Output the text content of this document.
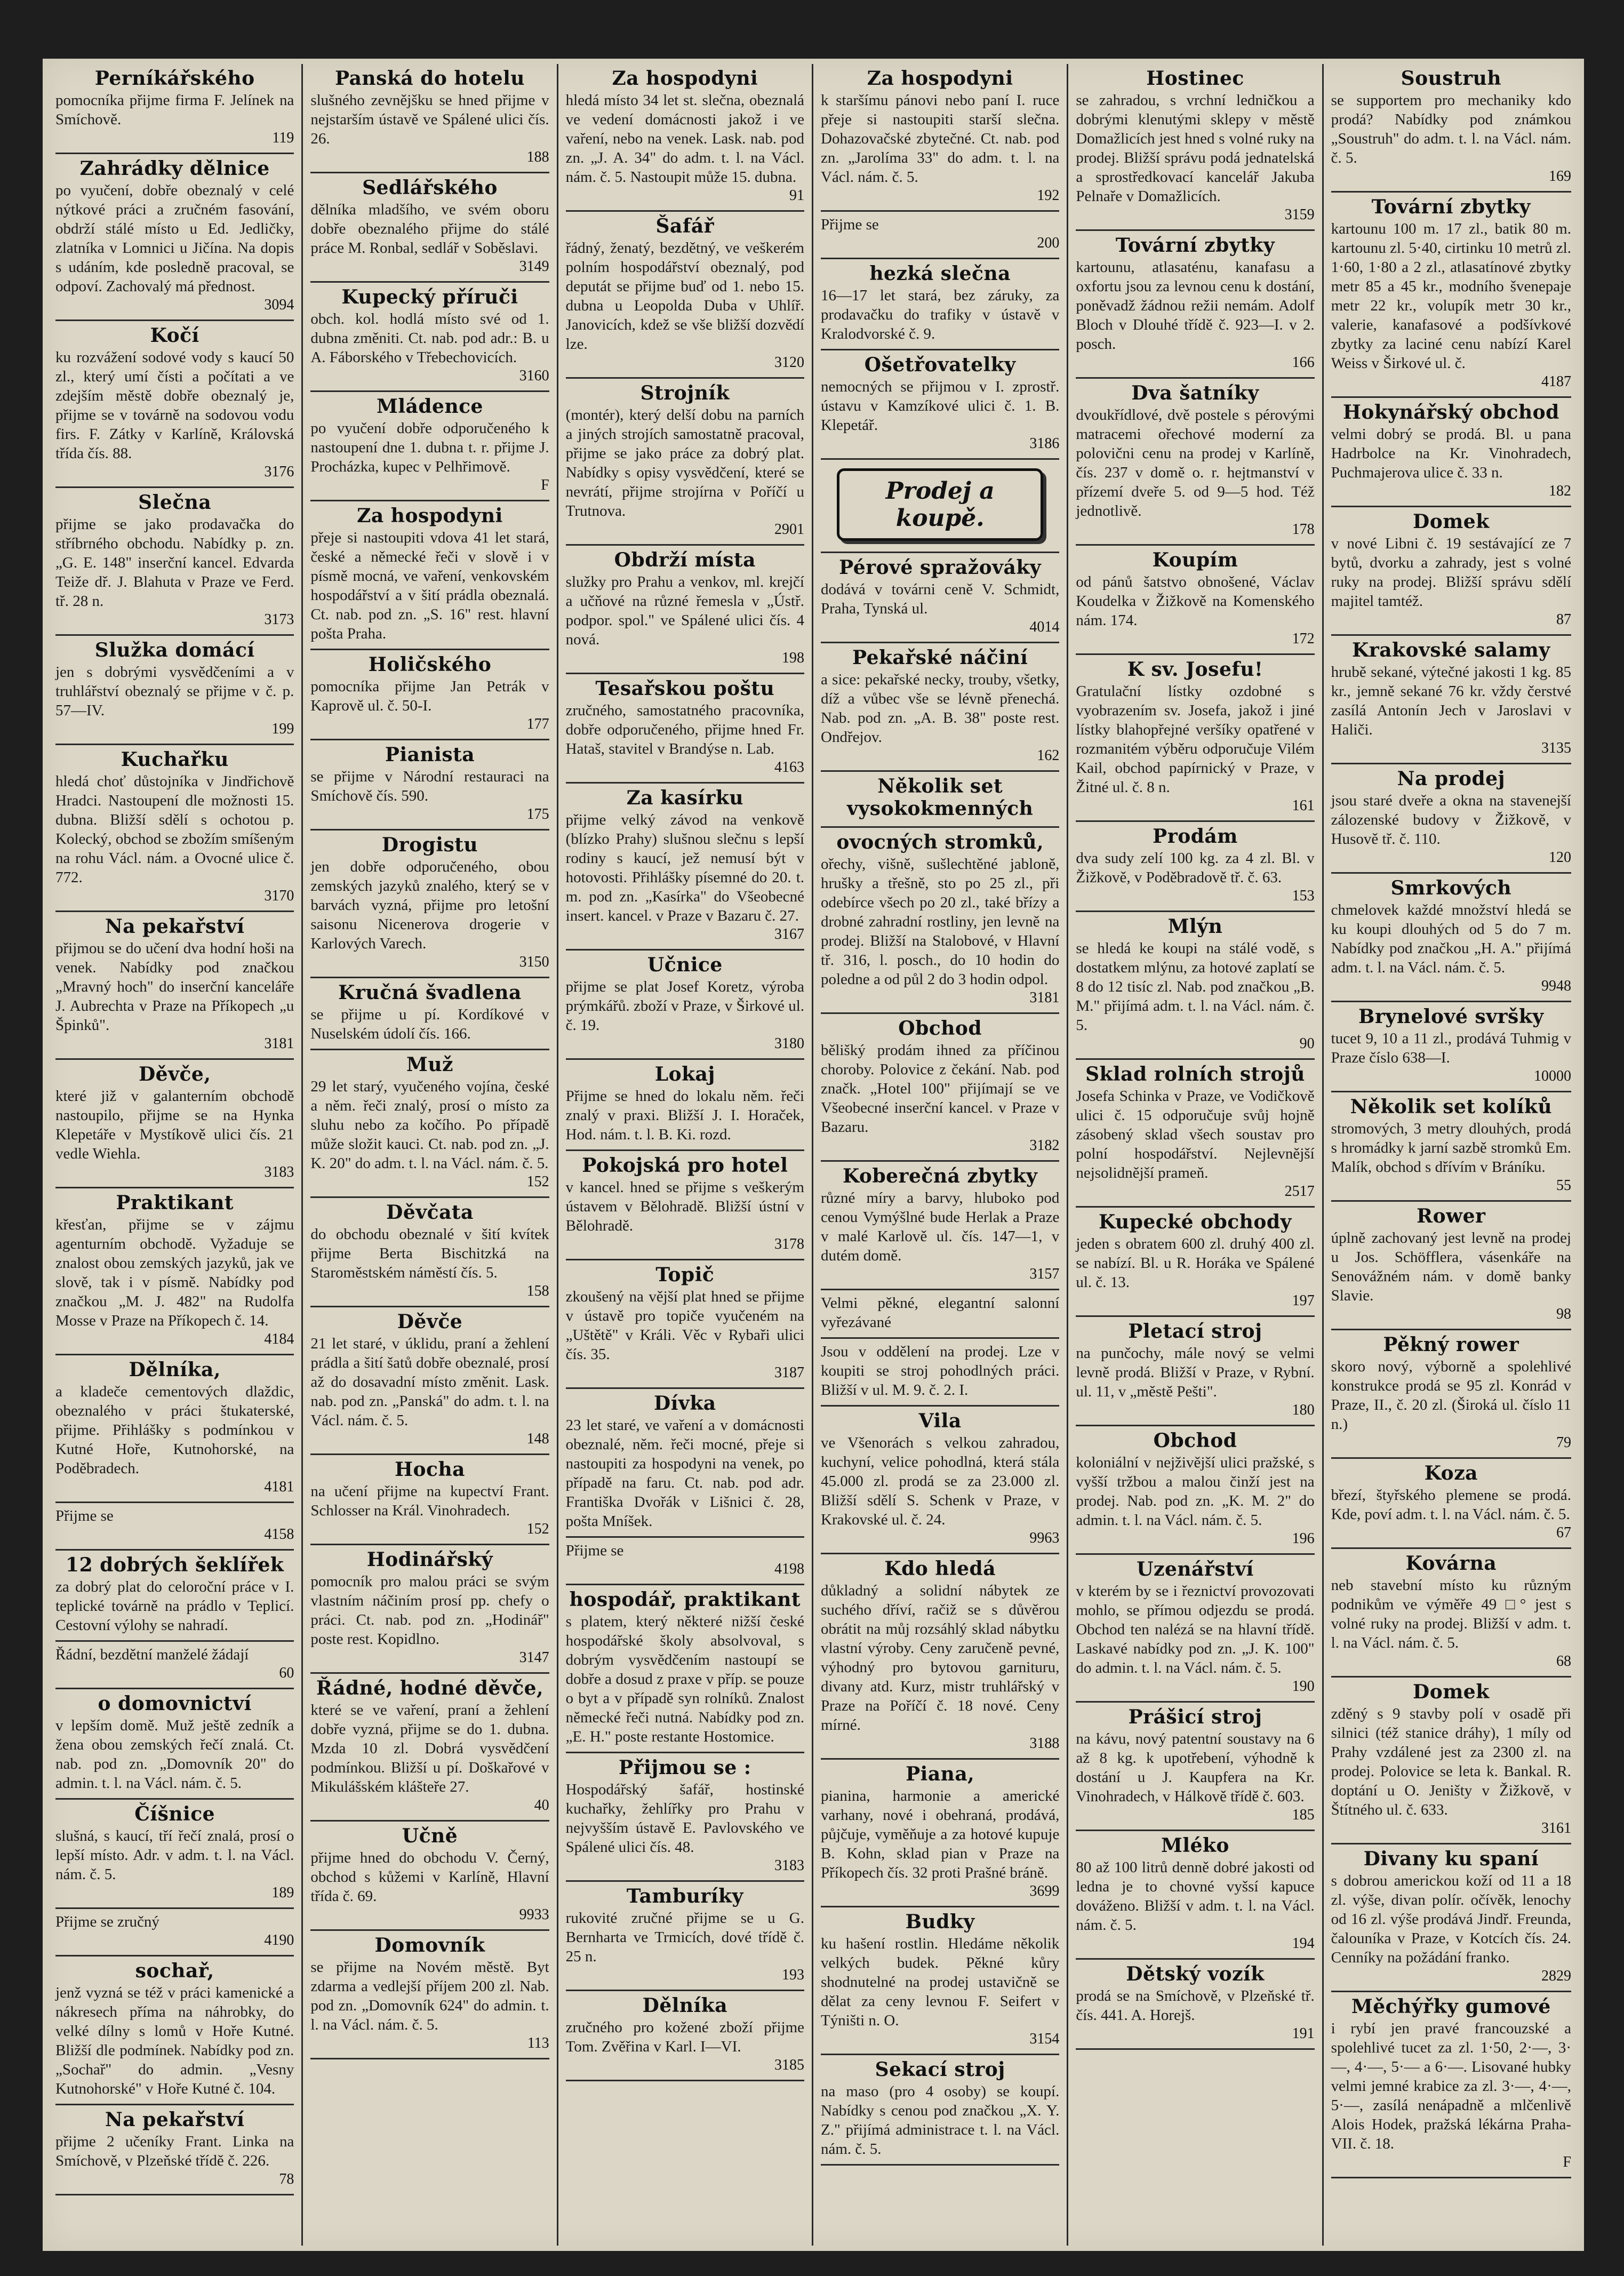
Perníkářského

pomocníka přijme firma F. Jelínek na Smíchově.

119
Zahrádky dělnice

po vyučení, dobře obeznalý v celé nýtkové práci a zručném fasování, obdrží stálé místo u Ed. Jedličky, zlatníka v Lomnici u Jičína. Na dopis s udáním, kde posledně pracoval, se odpoví. Zachovalý má přednost.

3094
Kočí

ku rozvážení sodové vody s kaucí 50 zl., který umí čísti a počítati a ve zdejším městě dobře obeznalý je, přijme se v továrně na sodovou vodu firs. F. Zátky v Karlíně, Královská třída čís. 88.

3176
Slečna

přijme se jako prodavačka do stříbrného obchodu. Nabídky p. zn. „G. E. 148" inserční kancel. Edvarda Teiže dř. J. Blahuta v Praze ve Ferd. tř. 28 n.

3173
Služka domácí

jen s dobrými vysvědčeními a v truhlářství obeznalý se přijme v č. p. 57—IV.

199
Kuchařku

hledá choť důstojníka v Jindřichově Hradci. Nastoupení dle možnosti 15. dubna. Bližší sdělí s ochotou p. Kolecký, obchod se zbožím smíšeným na rohu Václ. nám. a Ovocné ulice č. 772.

3170
Na pekařství

přijmou se do učení dva hodní hoši na venek. Nabídky pod značkou „Mravný hoch" do inserční kanceláře J. Aubrechta v Praze na Příkopech „u Špinků".

3181
Děvče,

které již v galanterním obchodě nastoupilo, přijme se na Hynka Klepetáře v Mystíkově ulici čís. 21 vedle Wiehla.

3183
Praktikant

křesťan, přijme se v zájmu agenturním obchodě. Vyžaduje se znalost obou zemských jazyků, jak ve slově, tak i v písmě. Nabídky pod značkou „M. J. 482" na Rudolfa Mosse v Praze na Příkopech č. 14.

4184
Dělníka,

a kladeče cementových dlaždic, obeznalého v práci štukaterské, přijme. Přihlášky s podmínkou v Kutné Hoře, Kutnohorské, na Poděbradech.

4181

Přijme se

4158
12 dobrých šeklířek

za dobrý plat do celoroční práce v I. teplické továrně na prádlo v Teplicí. Cestovní výlohy se nahradí.

Řádní, bezdětní manželé žádají

60
o domovnictví

v lepším domě. Muž ještě zedník a žena obou zemských řečí znalá. Ct. nab. pod zn. „Domovník 20" do admin. t. l. na Václ. nám. č. 5.

Číšnice

slušná, s kaucí, tří řečí znalá, prosí o lepší místo. Adr. v adm. t. l. na Václ. nám. č. 5.

189

Přijme se zručný

4190
sochař,

jenž vyzná se též v práci kamenické a nákresech příma na náhrobky, do velké dílny s lomů v Hoře Kutné. Bližší dle podmínek. Nabídky pod zn. „Sochař" do admin. „Vesny Kutnohorské" v Hoře Kutné č. 104.

Na pekařství

přijme 2 učeníky Frant. Linka na Smíchově, v Plzeňské třídě č. 226.

78
Panská do hotelu

slušného zevnějšku se hned přijme v nejstarším ústavě ve Spálené ulici čís. 26.

188
Sedlářského

dělníka mladšího, ve svém oboru dobře obeznalého přijme do stálé práce M. Ronbal, sedlář v Soběslavi.

3149
Kupecký příruči

obch. kol. hodlá místo své od 1. dubna změniti. Ct. nab. pod adr.: B. u A. Fáborského v Třebechovicích.

3160
Mládence

po vyučení dobře odporučeného k nastoupení dne 1. dubna t. r. přijme J. Procházka, kupec v Pelhřimově.

F
Za hospodyni

přeje si nastoupiti vdova 41 let stará, české a německé řeči v slově i v písmě mocná, ve vaření, venkovském hospodářství a v šití prádla obeznalá. Ct. nab. pod zn. „S. 16" rest. hlavní pošta Praha.

Holičského

pomocníka přijme Jan Petrák v Kaprově ul. č. 50-I.

177
Pianista

se přijme v Národní restauraci na Smíchově čís. 590.

175
Drogistu

jen dobře odporučeného, obou zemských jazyků znalého, který se v barvách vyzná, přijme pro letošní saisonu Nicenerova drogerie v Karlových Varech.

3150
Kručná švadlena

se přijme u pí. Kordíkové v Nuselském údolí čís. 166.

Muž

29 let starý, vyučeného vojína, české a něm. řeči znalý, prosí o místo za sluhu nebo za kočího. Po případě může složit kauci. Ct. nab. pod zn. „J. K. 20" do adm. t. l. na Václ. nám. č. 5.

152
Děvčata

do obchodu obeznalé v šití kvítek přijme Berta Bischitzká na Staroměstském náměstí čís. 5.

158
Děvče

21 let staré, v úklidu, praní a žehlení prádla a šití šatů dobře obeznalé, prosí až do dosavadní místo změnit. Lask. nab. pod zn. „Panská" do adm. t. l. na Václ. nám. č. 5.

148
Hocha

na učení přijme na kupectví Frant. Schlosser na Král. Vinohradech.

152
Hodinářský

pomocník pro malou práci se svým vlastním náčiním prosí pp. chefy o práci. Ct. nab. pod zn. „Hodinář" poste rest. Kopidlno.

3147
Řádné, hodné děvče,

které se ve vaření, praní a žehlení dobře vyzná, přijme se do 1. dubna. Mzda 10 zl. Dobrá vysvědčení podmínkou. Bližší u pí. Doškařové v Mikulášském klášteře 27.

40
Učně

přijme hned do obchodu V. Černý, obchod s kůžemi v Karlíně, Hlavní třída č. 69.

9933
Domovník

se přijme na Novém městě. Byt zdarma a vedlejší příjem 200 zl. Nab. pod zn. „Domovník 624" do admin. t. l. na Václ. nám. č. 5.

113
Za hospodyni

hledá místo 34 let st. slečna, obeznalá ve vedení domácnosti jakož i ve vaření, nebo na venek. Lask. nab. pod zn. „J. A. 34" do adm. t. l. na Václ. nám. č. 5. Nastoupit může 15. dubna.

91
Šafář

řádný, ženatý, bezdětný, ve veškerém polním hospodářství obeznalý, pod deputát se přijme buď od 1. nebo 15. dubna u Leopolda Duba v Uhlíř. Janovicích, kdež se vše bližší dozvědí lze.

3120
Strojník

(montér), který delší dobu na parních a jiných strojích samostatně pracoval, přijme se jako práce za dobrý plat. Nabídky s opisy vysvědčení, které se nevrátí, přijme strojírna v Poříčí u Trutnova.

2901
Obdrží místa

služky pro Prahu a venkov, ml. krejčí a učňové na různé řemesla v „Ústř. podpor. spol." ve Spálené ulici čís. 4 nová.

198
Tesařskou poštu

zručného, samostatného pracovníka, dobře odporučeného, přijme hned Fr. Hataš, stavitel v Brandýse n. Lab.

4163
Za kasírku

přijme velký závod na venkově (blízko Prahy) slušnou slečnu s lepší rodiny s kaucí, jež nemusí být v hotovosti. Přihlášky písemné do 20. t. m. pod zn. „Kasírka" do Všeobecné insert. kancel. v Praze v Bazaru č. 27.

3167
Učnice

přijme se plat Josef Koretz, výroba prýmkářů. zboží v Praze, v Širkové ul. č. 19.

3180
Lokaj

Přijme se hned do lokalu něm. řeči znalý v praxi. Bližší J. I. Horaček, Hod. nám. t. l. B. Ki. rozd.

Pokojská pro hotel

v kancel. hned se přijme s veškerým ústavem v Bělohradě. Bližší ústní v Bělohradě.

3178
Topič

zkoušený na vější plat hned se přijme v ústavě pro topiče vyučeném na „Uštětě" v Králi. Věc v Rybaři ulici čís. 35.

3187
Dívka

23 let staré, ve vaření a v domácnosti obeznalé, něm. řeči mocné, přeje si nastoupiti za hospodyni na venek, po případě na faru. Ct. nab. pod adr. Františka Dvořák v Lišnici č. 28, pošta Mníšek.

Přijme se

4198
hospodář, praktikant

s platem, který některé nižší české hospodářské školy absolvoval, s dobrým vysvědčením nastoupí se dobře a dosud z praxe v příp. se pouze o byt a v případě syn rolníků. Znalost německé řeči nutná. Nabídky pod zn. „E. H." poste restante Hostomice.

Přijmou se :

Hospodářský šafář, hostinské kuchařky, žehlířky pro Prahu v nejvyšším ústavě E. Pavlovského ve Spálené ulici čís. 48.

3183
Tamburíky

rukovité zručné přijme se u G. Bernharta ve Trmicích, dové třídě č. 25 n.

193
Dělníka

zručného pro kožené zboží přijme Tom. Zvěřina v Karl. I—VI.

3185
Za hospodyni

k staršímu pánovi nebo paní I. ruce přeje si nastoupiti starší slečna. Dohazovačské zbytečné. Ct. nab. pod zn. „Jarolíma 33" do adm. t. l. na Václ. nám. č. 5.

192

Přijme se

200
hezká slečna

16—17 let stará, bez záruky, za prodavačku do trafiky v ústavě v Kralodvorské č. 9.

Ošetřovatelky

nemocných se přijmou v I. zprostř. ústavu v Kamzíkové ulici č. 1. B. Klepetář.

3186
Prodej a koupě.
Pérové spražováky

dodává v továrni ceně V. Schmidt, Praha, Tynská ul.

4014
Pekařské náčiní

a sice: pekařské necky, trouby, všetky, díž a vůbec vše se lévně přenechá. Nab. pod zn. „A. B. 38" poste rest. Ondřejov.

162
Několik set vysokokmenných
ovocných stromků,

ořechy, višně, sušlechtěné jabloně, hrušky a třešně, sto po 25 zl., při odebírce všech po 20 zl., také břízy a drobné zahradní rostliny, jen levně na prodej. Bližší na Stalobové, v Hlavní tř. 316, l. posch., do 10 hodin do poledne a od půl 2 do 3 hodin odpol.

3181
Obchod

bělišký prodám ihned za příčinou choroby. Polovice z čekání. Nab. pod značk. „Hotel 100" přijímají se ve Všeobecné inserční kancel. v Praze v Bazaru.

3182
Koberečná zbytky

různé míry a barvy, hluboko pod cenou Vymýšlné bude Herlak a Praze v malé Karlově ul. čís. 147—1, v dutém domě.

3157

Velmi pěkné, elegantní salonní vyřezávané

Jsou v oddělení na prodej. Lze v koupiti se stroj pohodlných práci. Bližší v ul. M. 9. č. 2. I.

Vila

ve Všenorách s velkou zahradou, kuchyní, velice pohodlná, která stála 45.000 zl. prodá se za 23.000 zl. Bližší sdělí S. Schenk v Praze, v Krakovské ul. č. 24.

9963
Kdo hledá

důkladný a solidní nábytek ze suchého dříví, račiž se s důvěrou obrátit na můj rozsáhlý sklad nábytku vlastní výroby. Ceny zaručeně pevné, výhodný pro bytovou garnituru, divany atd. Kurz, mistr truhlářský v Praze na Poříčí č. 18 nové. Ceny mírné.

3188
Piana,

pianina, harmonie a americké varhany, nové i obehraná, prodává, půjčuje, vyměňuje a za hotové kupuje B. Kohn, sklad pian v Praze na Příkopech čís. 32 proti Prašné bráně.

3699
Budky

ku hašení rostlin. Hledáme několik velkých budek. Pěkné kůry shodnutelné na prodej ustavičně se dělat za ceny levnou F. Seifert v Týništi n. O.

3154
Sekací stroj

na maso (pro 4 osoby) se koupí. Nabídky s cenou pod značkou „X. Y. Z." přijímá administrace t. l. na Václ. nám. č. 5.

Hostinec

se zahradou, s vrchní ledničkou a dobrými klenutými sklepy v městě Domažlicích jest hned s volné ruky na prodej. Bližší správu podá jednatelská a sprostředkovací kancelář Jakuba Pelnaře v Domažlicích.

3159
Tovární zbytky

kartounu, atlasaténu, kanafasu a oxfortu jsou za levnou cenu k dostání, poněvadž žádnou režii nemám. Adolf Bloch v Dlouhé třídě č. 923—I. v 2. posch.

166
Dva šatníky

dvoukřídlové, dvě postele s pérovými matracemi ořechové moderní za polovični cenu na prodej v Karlíně, čís. 237 v domě o. r. hejtmanství v přízemí dveře 5. od 9—5 hod. Též jednotlivě.

178
Koupím

od pánů šatstvo obnošené, Václav Koudelka v Žižkově na Komenského nám. 174.

172
K sv. Josefu!

Gratulační lístky ozdobné s vyobrazením sv. Josefa, jakož i jiné lístky blahopřejné veršíky opatřené v rozmanitém výběru odporučuje Vilém Kail, obchod papírnický v Praze, v Žitné ul. č. 8 n.

161
Prodám

dva sudy zelí 100 kg. za 4 zl. Bl. v Žižkově, v Poděbradově tř. č. 63.

153
Mlýn

se hledá ke koupi na stálé vodě, s dostatkem mlýnu, za hotové zaplatí se 8 do 12 tisíc zl. Nab. pod značkou „B. M." přijímá adm. t. l. na Václ. nám. č. 5.

90
Sklad rolních strojů

Josefa Schinka v Praze, ve Vodičkově ulici č. 15 odporučuje svůj hojně zásobený sklad všech soustav pro polní hospodářství. Nejlevnější nejsolidnější prameň.

2517
Kupecké obchody

jeden s obratem 600 zl. druhý 400 zl. se nabízí. Bl. u R. Horáka ve Spálené ul. č. 13.

197
Pletací stroj

na punčochy, mále nový se velmi levně prodá. Bližší v Praze, v Rybní. ul. 11, v „městě Pešti".

180
Obchod

koloniální v nejživější ulici pražské, s vyšší tržbou a malou činží jest na prodej. Nab. pod zn. „K. M. 2" do admin. t. l. na Václ. nám. č. 5.

196
Uzenářství

v kterém by se i řeznictví provozovati mohlo, se přímou odjezdu se prodá. Obchod ten nalézá se na hlavní třídě. Laskavé nabídky pod zn. „J. K. 100" do admin. t. l. na Václ. nám. č. 5.

190
Prášicí stroj

na kávu, nový patentní soustavy na 6 až 8 kg. k upotřebení, výhodně k dostání u J. Kaupfera na Kr. Vinohradech, v Hálkově třídě č. 603.

185
Mléko

80 až 100 litrů denně dobré jakosti od ledna je to chovné vyšsí kapuce dováženo. Bližší v adm. t. l. na Václ. nám. č. 5.

194
Dětský vozík

prodá se na Smíchově, v Plzeňské tř. čís. 441. A. Horejš.

191
Soustruh

se supportem pro mechaniky kdo prodá? Nabídky pod známkou „Soustruh" do adm. t. l. na Václ. nám. č. 5.

169
Tovární zbytky

kartounu 100 m. 17 zl., batik 80 m. kartounu zl. 5·40, cirtinku 10 metrů zl. 1·60, 1·80 a 2 zl., atlasatínové zbytky metr 85 a 45 kr., modního švenepaje metr 22 kr., volupík metr 30 kr., valerie, kanafasové a podšívkové zbytky za laciné cenu nabízí Karel Weiss v Širkové ul. č.

4187
Hokynářský obchod

velmi dobrý se prodá. Bl. u pana Hadrbolce na Kr. Vinohradech, Puchmajerova ulice č. 33 n.

182
Domek

v nové Libni č. 19 sestávající ze 7 bytů, dvorku a zahrady, jest s volné ruky na prodej. Bližší správu sdělí majitel tamtéž.

87
Krakovské salamy

hrubě sekané, výtečné jakosti 1 kg. 85 kr., jemně sekané 76 kr. vždy čerstvé zasílá Antonín Jech v Jaroslavi v Haliči.

3135
Na prodej

jsou staré dveře a okna na stavenejší zálozenské budovy v Žižkově, v Husově tř. č. 110.

120
Smrkových

chmelovek každé množství hledá se ku koupi dlouhých od 5 do 7 m. Nabídky pod značkou „H. A." přijímá adm. t. l. na Václ. nám. č. 5.

9948
Brynelové svršky

tucet 9, 10 a 11 zl., prodává Tuhmig v Praze číslo 638—I.

10000
Několik set kolíků

stromových, 3 metry dlouhých, prodá s hromádky k jarní sazbě stromků Em. Malík, obchod s dřívím v Bráníku.

55
Rower

úplně zachovaný jest levně na prodej u Jos. Schöfflera, vásenkáře na Senovážném nám. v domě banky Slavie.

98
Pěkný rower

skoro nový, výborně a spolehlivé konstrukce prodá se 95 zl. Konrád v Praze, II., č. 20 zl. (Široká ul. číslo 11 n.)

79
Koza

březí, štyřského plemene se prodá. Kde, poví adm. t. l. na Václ. nám. č. 5.

67
Kovárna

neb stavební místo ku různým podnikům ve výměře 49 □° jest s volné ruky na prodej. Bližší v adm. t. l. na Václ. nám. č. 5.

68
Domek

zděný s 9 stavby polí v osadě při silnici (též stanice dráhy), 1 míly od Prahy vzdálené jest za 2300 zl. na prodej. Polovice se leta k. Bankal. R. doptání u O. Jeništy v Žižkově, v Štítného ul. č. 633.

3161
Divany ku spaní

s dobrou americkou koží od 11 a 18 zl. výše, divan polír. očívěk, lenochy od 16 zl. výše prodává Jindř. Freunda, čalouníka v Praze, v Kotcích čís. 24. Cenníky na požádání franko.

2829
Měchýřky gumové

i rybí jen pravé francouzské a spolehlivé tucet za zl. 1·50, 2·—, 3·—, 4·—, 5·— a 6·—. Lisované hubky velmi jemné krabice za zl. 3·—, 4·—, 5·—, zasílá nenápadně a mlčenlivě Alois Hodek, pražská lékárna Praha-VII. č. 18.

F
